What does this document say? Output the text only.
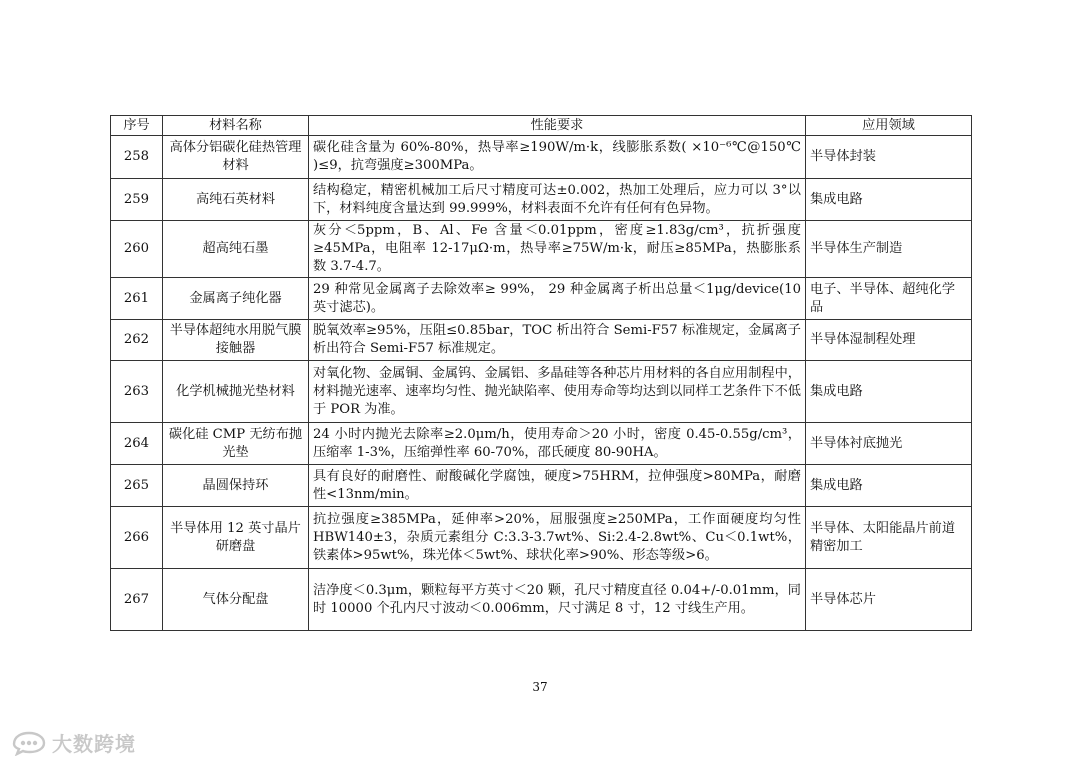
序号	材料名称	性能要求	应用领域
258	高体分铝碳化硅热管理材料	碳化硅含量为 60%-80%，热导率≥190W/m·k，线膨胀系数( ×10⁻⁶℃@150℃ )≤9，抗弯强度≥300MPa。	半导体封装
259	高纯石英材料	结构稳定，精密机械加工后尺寸精度可达±0.002，热加工处理后，应力可以 3°以下，材料纯度含量达到 99.999%，材料表面不允许有任何有色异物。	集成电路
260	超高纯石墨	灰分＜5ppm，B、Al、Fe 含量＜0.01ppm，密度≥1.83g/cm³，抗折强度≥45MPa，电阻率 12-17μΩ·m，热导率≥75W/m·k，耐压≥85MPa，热膨胀系数 3.7-4.7。	半导体生产制造
261	金属离子纯化器	29 种常见金属离子去除效率≥ 99%， 29 种金属离子析出总量＜1μg/device(10 英寸滤芯)。	电子、半导体、超纯化学品
262	半导体超纯水用脱气膜接触器	脱氧效率≥95%，压阻≤0.85bar，TOC 析出符合 Semi-F57 标准规定，金属离子析出符合 Semi-F57 标准规定。	半导体湿制程处理
263	化学机械抛光垫材料	对氧化物、金属铜、金属钨、金属铝、多晶硅等各种芯片用材料的各自应用制程中，材料抛光速率、速率均匀性、抛光缺陷率、使用寿命等均达到以同样工艺条件下不低于 POR 为准。	集成电路
264	碳化硅 CMP 无纺布抛光垫	24 小时内抛光去除率≥2.0μm/h，使用寿命＞20 小时，密度 0.45-0.55g/cm³，压缩率 1-3%，压缩弹性率 60-70%，邵氏硬度 80-90HA。	半导体衬底抛光
265	晶圆保持环	具有良好的耐磨性、耐酸碱化学腐蚀，硬度>75HRM，拉伸强度>80MPa，耐磨性<13nm/min。	集成电路
266	半导体用 12 英寸晶片研磨盘	抗拉强度≥385MPa，延伸率>20%，屈服强度≥250MPa，工作面硬度均匀性HBW140±3，杂质元素组分 C:3.3-3.7wt%、Si:2.4-2.8wt%、Cu＜0.1wt%，铁素体>95wt%，珠光体＜5wt%、球状化率>90%、形态等级>6。	半导体、太阳能晶片前道精密加工
267	气体分配盘	洁净度＜0.3μm，颗粒每平方英寸＜20 颗，孔尺寸精度直径 0.04+/-0.01mm，同时 10000 个孔内尺寸波动＜0.006mm，尺寸满足 8 寸，12 寸线生产用。	半导体芯片
37
大数跨境
